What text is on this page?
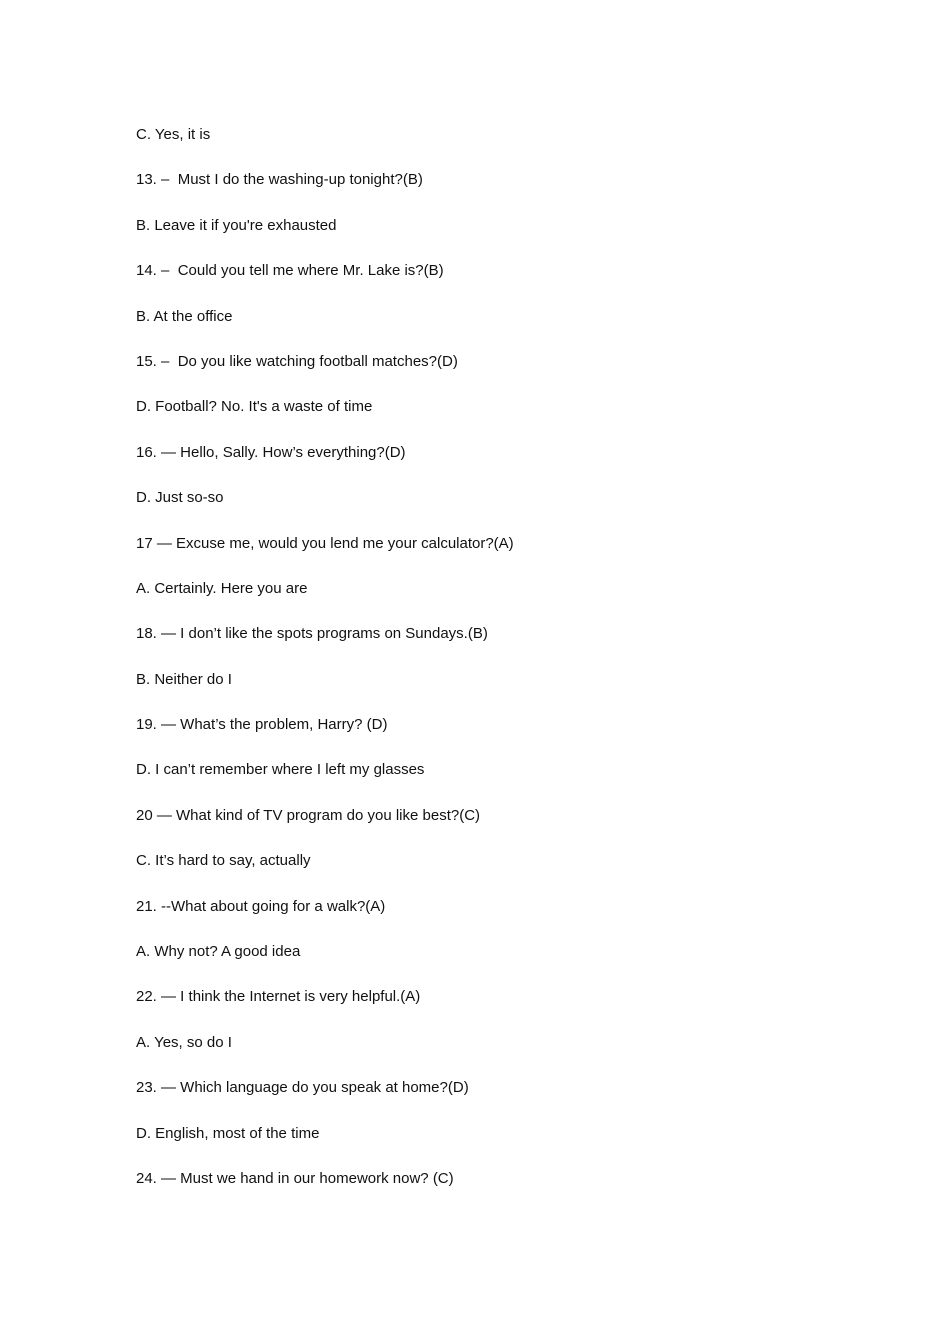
C. Yes, it is
13. –  Must I do the washing-up tonight?(B)
B. Leave it if you're exhausted
14. –  Could you tell me where Mr. Lake is?(B)
B. At the office
15. –  Do you like watching football matches?(D)
D. Football? No. It's a waste of time
16. — Hello, Sally. How’s everything?(D)
D. Just so-so
17 — Excuse me, would you lend me your calculator?(A)
A. Certainly. Here you are
18. — I don’t like the spots programs on Sundays.(B)
B. Neither do I
19. — What’s the problem, Harry? (D)
D. I can’t remember where I left my glasses
20 — What kind of TV program do you like best?(C)
C. It’s hard to say, actually
21. --What about going for a walk?(A)
A. Why not? A good idea
22. — I think the Internet is very helpful.(A)
A. Yes, so do I
23. — Which language do you speak at home?(D)
D. English, most of the time
24. — Must we hand in our homework now? (C)
